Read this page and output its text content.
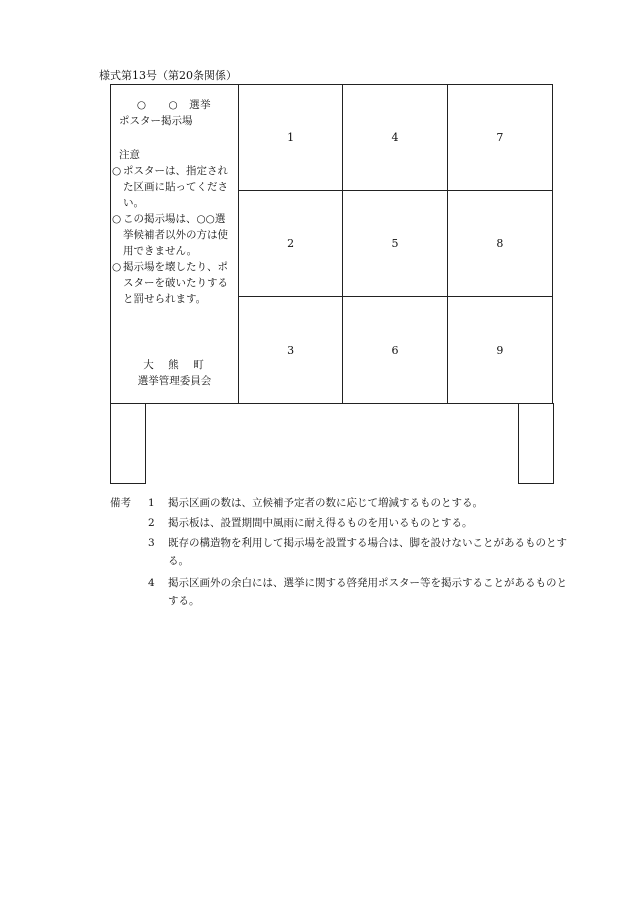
様式第13号（第20条関係）
○　　○　選挙
ポスター掲示場
注意
○ ポスターは、指定された区画に貼ってください。
○ この掲示場は、○○選挙候補者以外の方は使用できません。
○ 掲示場を壊したり、ポスターを破いたりすると罰せられます。
大　熊　町
選挙管理委員会
1	4	7
2	5	8
3	6	9
備考 1 掲示区画の数は、立候補予定者の数に応じて増減するものとする。
2 掲示板は、設置期間中風雨に耐え得るものを用いるものとする。
3 既存の構造物を利用して掲示場を設置する場合は、脚を設けないことがあるものとする。
4 掲示区画外の余白には、選挙に関する啓発用ポスター等を掲示することがあるものとする。
